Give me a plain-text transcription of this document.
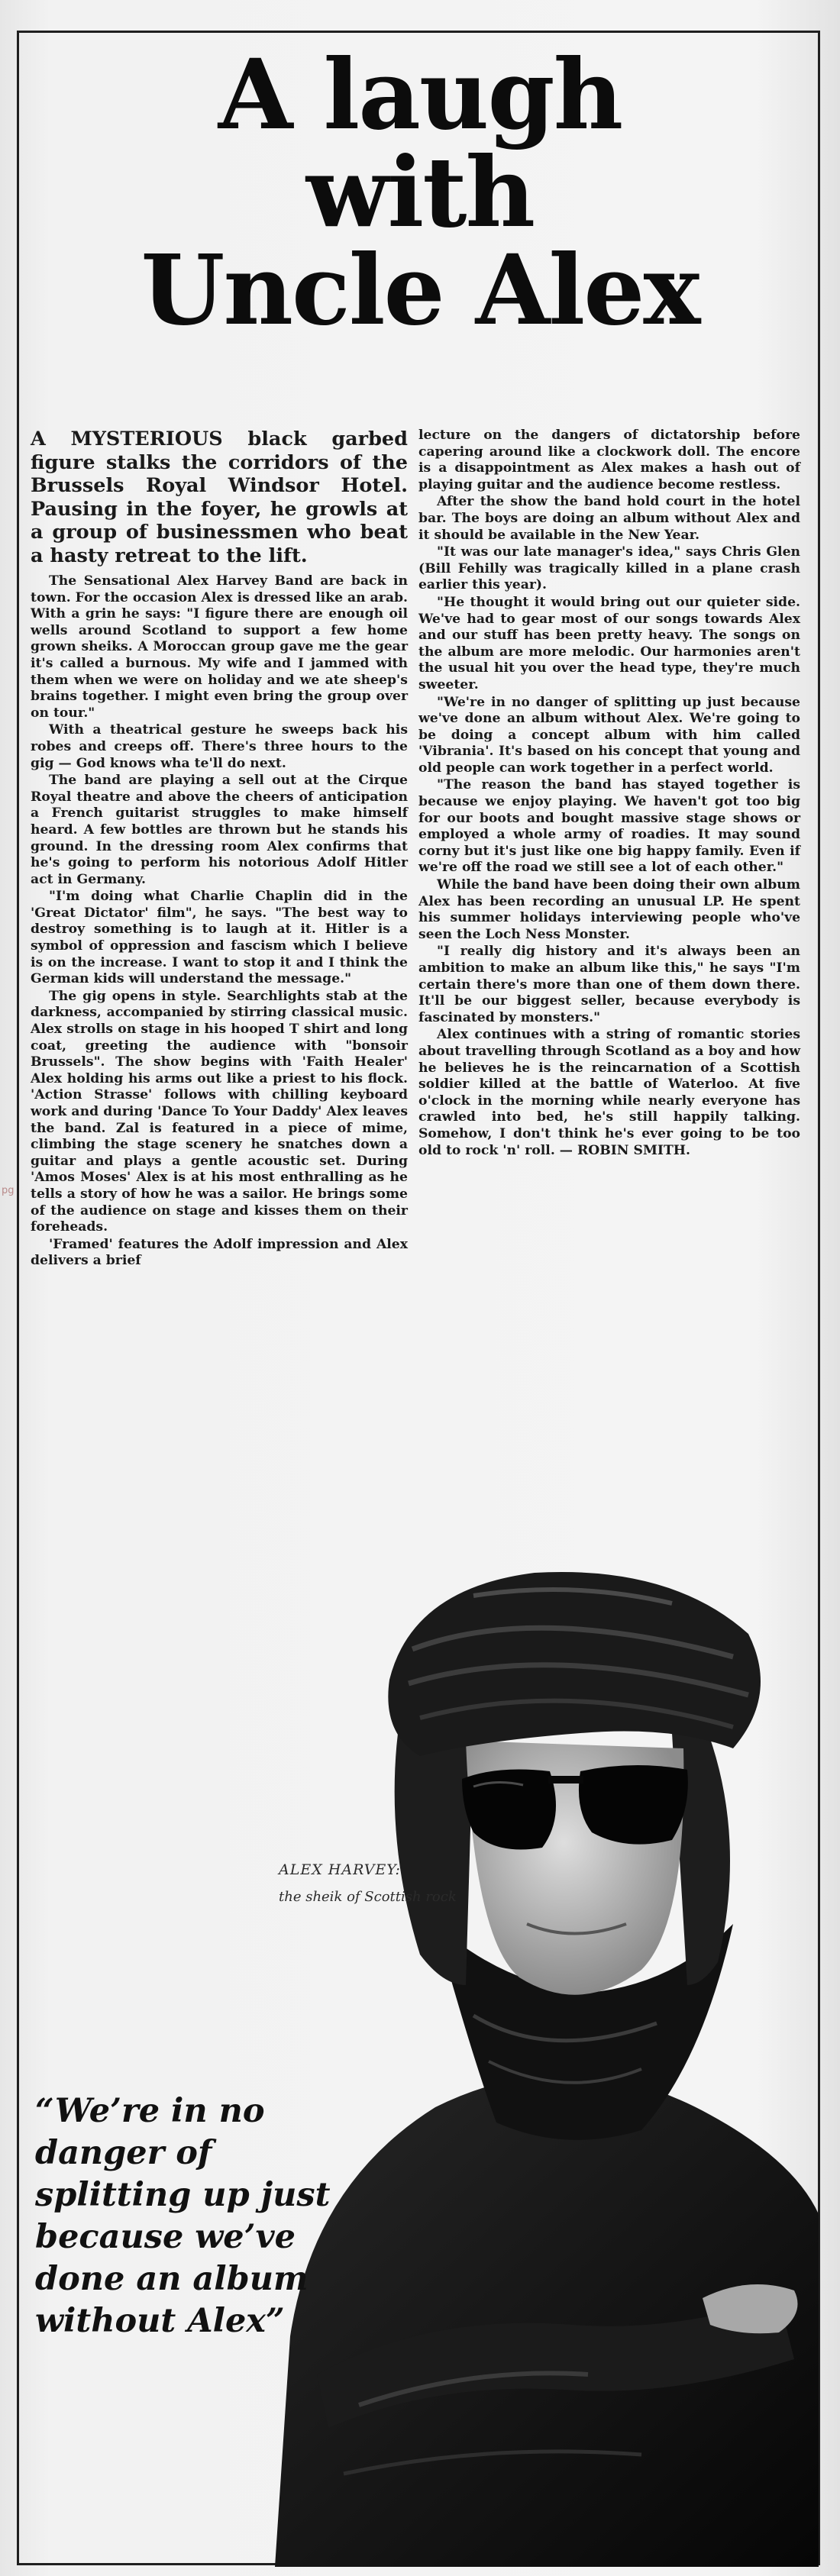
pg
A laugh
with
Uncle Alex

A MYSTERIOUS black garbed figure stalks the corridors of the Brussels Royal Windsor Hotel. Pausing in the foyer, he growls at a group of businessmen who beat a hasty retreat to the lift.

The Sensational Alex Harvey Band are back in town. For the occasion Alex is dressed like an arab. With a grin he says: "I figure there are enough oil wells around Scotland to support a few home grown sheiks. A Moroccan group gave me the gear it's called a burnous. My wife and I jammed with them when we were on holiday and we ate sheep's brains together. I might even bring the group over on tour."

With a theatrical gesture he sweeps back his robes and creeps off. There's three hours to the gig — God knows wha te'll do next.

The band are playing a sell out at the Cirque Royal theatre and above the cheers of anticipation a French guitarist struggles to make himself heard. A few bottles are thrown but he stands his ground. In the dressing room Alex confirms that he's going to perform his notorious Adolf Hitler act in Germany.

"I'm doing what Charlie Chaplin did in the 'Great Dictator' film", he says. "The best way to destroy something is to laugh at it. Hitler is a symbol of oppression and fascism which I believe is on the increase. I want to stop it and I think the German kids will understand the message."

The gig opens in style. Searchlights stab at the darkness, accompanied by stirring classical music. Alex strolls on stage in his hooped T shirt and long coat, greeting the audience with "bonsoir Brussels". The show begins with 'Faith Healer' Alex holding his arms out like a priest to his flock. 'Action Strasse' follows with chilling keyboard work and during 'Dance To Your Daddy' Alex leaves the band. Zal is featured in a piece of mime, climbing the stage scenery he snatches down a guitar and plays a gentle acoustic set. During 'Amos Moses' Alex is at his most enthralling as he tells a story of how he was a sailor. He brings some of the audience on stage and kisses them on their foreheads.

'Framed' features the Adolf impression and Alex delivers a brief

lecture on the dangers of dictatorship before capering around like a clockwork doll. The encore is a disappointment as Alex makes a hash out of playing guitar and the audience become restless.

After the show the band hold court in the hotel bar. The boys are doing an album without Alex and it should be available in the New Year.

"It was our late manager's idea," says Chris Glen (Bill Fehilly was tragically killed in a plane crash earlier this year).

"He thought it would bring out our quieter side. We've had to gear most of our songs towards Alex and our stuff has been pretty heavy. The songs on the album are more melodic. Our harmonies aren't the usual hit you over the head type, they're much sweeter.

"We're in no danger of splitting up just because we've done an album without Alex. We're going to be doing a concept album with him called 'Vibrania'. It's based on his concept that young and old people can work together in a perfect world.

"The reason the band has stayed together is because we enjoy playing. We haven't got too big for our boots and bought massive stage shows or employed a whole army of roadies. It may sound corny but it's just like one big happy family. Even if we're off the road we still see a lot of each other."

While the band have been doing their own album Alex has been recording an unusual LP. He spent his summer holidays interviewing people who've seen the Loch Ness Monster.

"I really dig history and it's always been an ambition to make an album like this," he says "I'm certain there's more than one of them down there. It'll be our biggest seller, because everybody is fascinated by monsters."

Alex continues with a string of romantic stories about travelling through Scotland as a boy and how he believes he is the reincarnation of a Scottish soldier killed at the battle of Waterloo. At five o'clock in the morning while nearly everyone has crawled into bed, he's still happily talking. Somehow, I don't think he's ever going to be too old to rock 'n' roll. — ROBIN SMITH.

ALEX HARVEY:
the sheik of Scottish rock
“We’re in no danger of splitting up just because we’ve done an album without Alex”
